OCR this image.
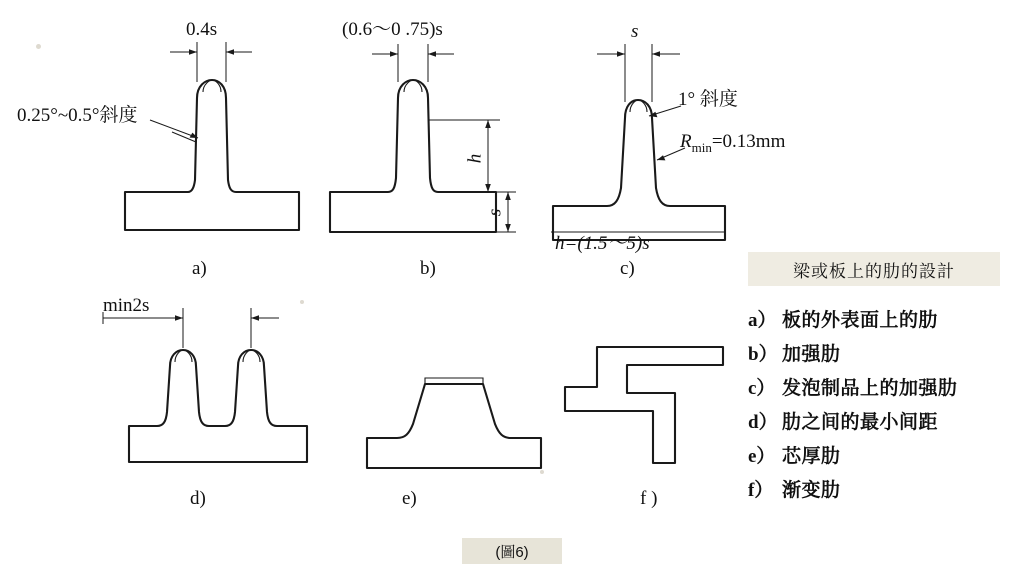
0.4s
0.25°~0.5°斜度
a)
(0.6～0 .75)s
h
s
b)
s
1° 斜度
$R_{min}=0.13mm$
h=(1.5～5)s
c)
min2s
d)	e)	f )
梁或板上的肋的設計
a） 板的外表面上的肋
b） 加强肋
c） 发泡制品上的加强肋
d） 肋之间的最小间距
e） 芯厚肋
f） 渐变肋
(圖6)
